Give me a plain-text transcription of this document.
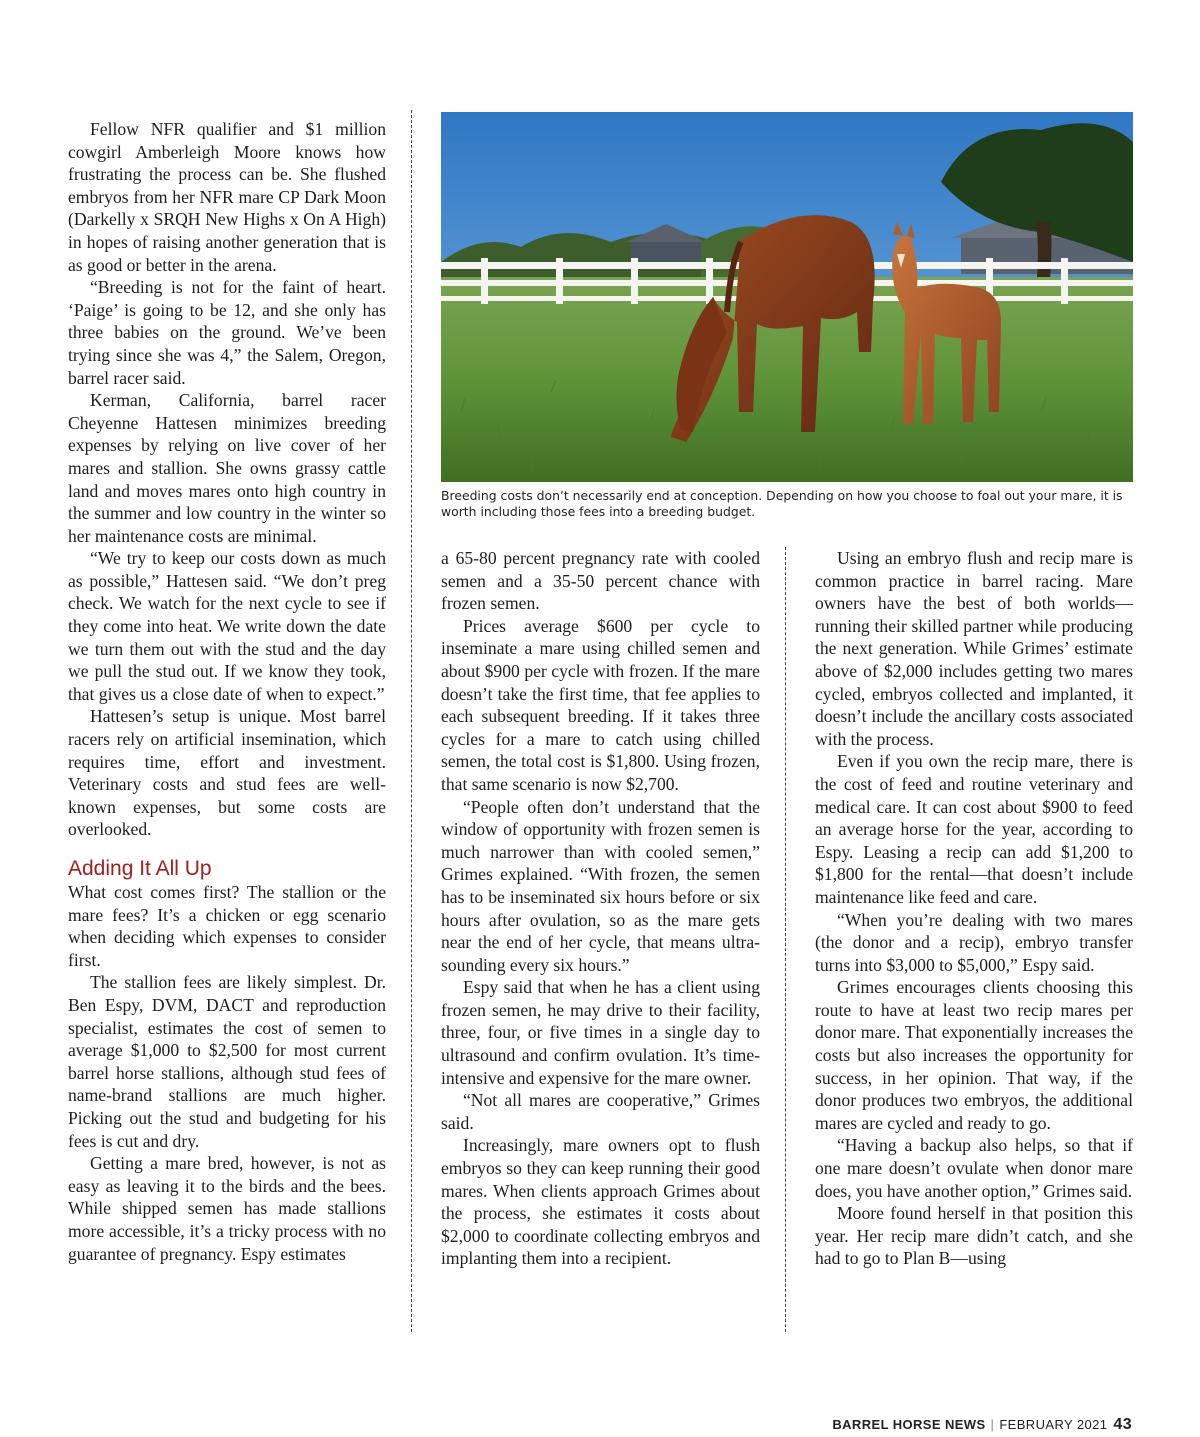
Fellow NFR qualifier and $1 million cowgirl Amberleigh Moore knows how frustrating the process can be. She flushed embryos from her NFR mare CP Dark Moon (Darkelly x SRQH New Highs x On A High) in hopes of raising another generation that is as good or better in the arena.

“Breeding is not for the faint of heart. ‘Paige’ is going to be 12, and she only has three babies on the ground. We’ve been trying since she was 4,” the Salem, Oregon, barrel racer said.

Kerman, California, barrel racer Cheyenne Hattesen minimizes breeding expenses by relying on live cover of her mares and stallion. She owns grassy cattle land and moves mares onto high country in the summer and low country in the winter so her maintenance costs are minimal.

“We try to keep our costs down as much as possible,” Hattesen said. “We don’t preg check. We watch for the next cycle to see if they come into heat. We write down the date we turn them out with the stud and the day we pull the stud out. If we know they took, that gives us a close date of when to expect.”

Hattesen’s setup is unique. Most barrel racers rely on artificial insemination, which requires time, effort and investment. Veterinary costs and stud fees are well-known expenses, but some costs are overlooked.

Adding It All Up

What cost comes first? The stallion or the mare fees? It’s a chicken or egg scenario when deciding which expenses to consider first.

The stallion fees are likely simplest. Dr. Ben Espy, DVM, DACT and reproduction specialist, estimates the cost of semen to average $1,000 to $2,500 for most current barrel horse stallions, although stud fees of name-brand stallions are much higher. Picking out the stud and budgeting for his fees is cut and dry.

Getting a mare bred, however, is not as easy as leaving it to the birds and the bees. While shipped semen has made stallions more accessible, it’s a tricky process with no guarantee of pregnancy. Espy estimates

Breeding costs don’t necessarily end at conception. Depending on how you choose to foal out your mare, it is worth including those fees into a breeding budget.

a 65-80 percent pregnancy rate with cooled semen and a 35-50 percent chance with frozen semen.

Prices average $600 per cycle to inseminate a mare using chilled semen and about $900 per cycle with frozen. If the mare doesn’t take the first time, that fee applies to each subsequent breeding. If it takes three cycles for a mare to catch using chilled semen, the total cost is $1,800. Using frozen, that same scenario is now $2,700.

“People often don’t understand that the window of opportunity with frozen semen is much narrower than with cooled semen,” Grimes explained. “With frozen, the semen has to be inseminated six hours before or six hours after ovulation, so as the mare gets near the end of her cycle, that means ultra-sounding every six hours.”

Espy said that when he has a client using frozen semen, he may drive to their facility, three, four, or five times in a single day to ultrasound and confirm ovulation. It’s time-intensive and expensive for the mare owner.

“Not all mares are cooperative,” Grimes said.

Increasingly, mare owners opt to flush embryos so they can keep running their good mares. When clients approach Grimes about the process, she estimates it costs about $2,000 to coordinate collecting embryos and implanting them into a recipient.

Using an embryo flush and recip mare is common practice in barrel racing. Mare owners have the best of both worlds—running their skilled partner while producing the next generation. While Grimes’ estimate above of $2,000 includes getting two mares cycled, embryos collected and implanted, it doesn’t include the ancillary costs associated with the process.

Even if you own the recip mare, there is the cost of feed and routine veterinary and medical care. It can cost about $900 to feed an average horse for the year, according to Espy. Leasing a recip can add $1,200 to $1,800 for the rental—that doesn’t include maintenance like feed and care.

“When you’re dealing with two mares (the donor and a recip), embryo transfer turns into $3,000 to $5,000,” Espy said.

Grimes encourages clients choosing this route to have at least two recip mares per donor mare. That exponentially increases the costs but also increases the opportunity for success, in her opinion. That way, if the donor produces two embryos, the additional mares are cycled and ready to go.

“Having a backup also helps, so that if one mare doesn’t ovulate when donor mare does, you have another option,” Grimes said.

Moore found herself in that position this year. Her recip mare didn’t catch, and she had to go to Plan B—using

BARREL HORSE NEWS | FEBRUARY 2021 43
